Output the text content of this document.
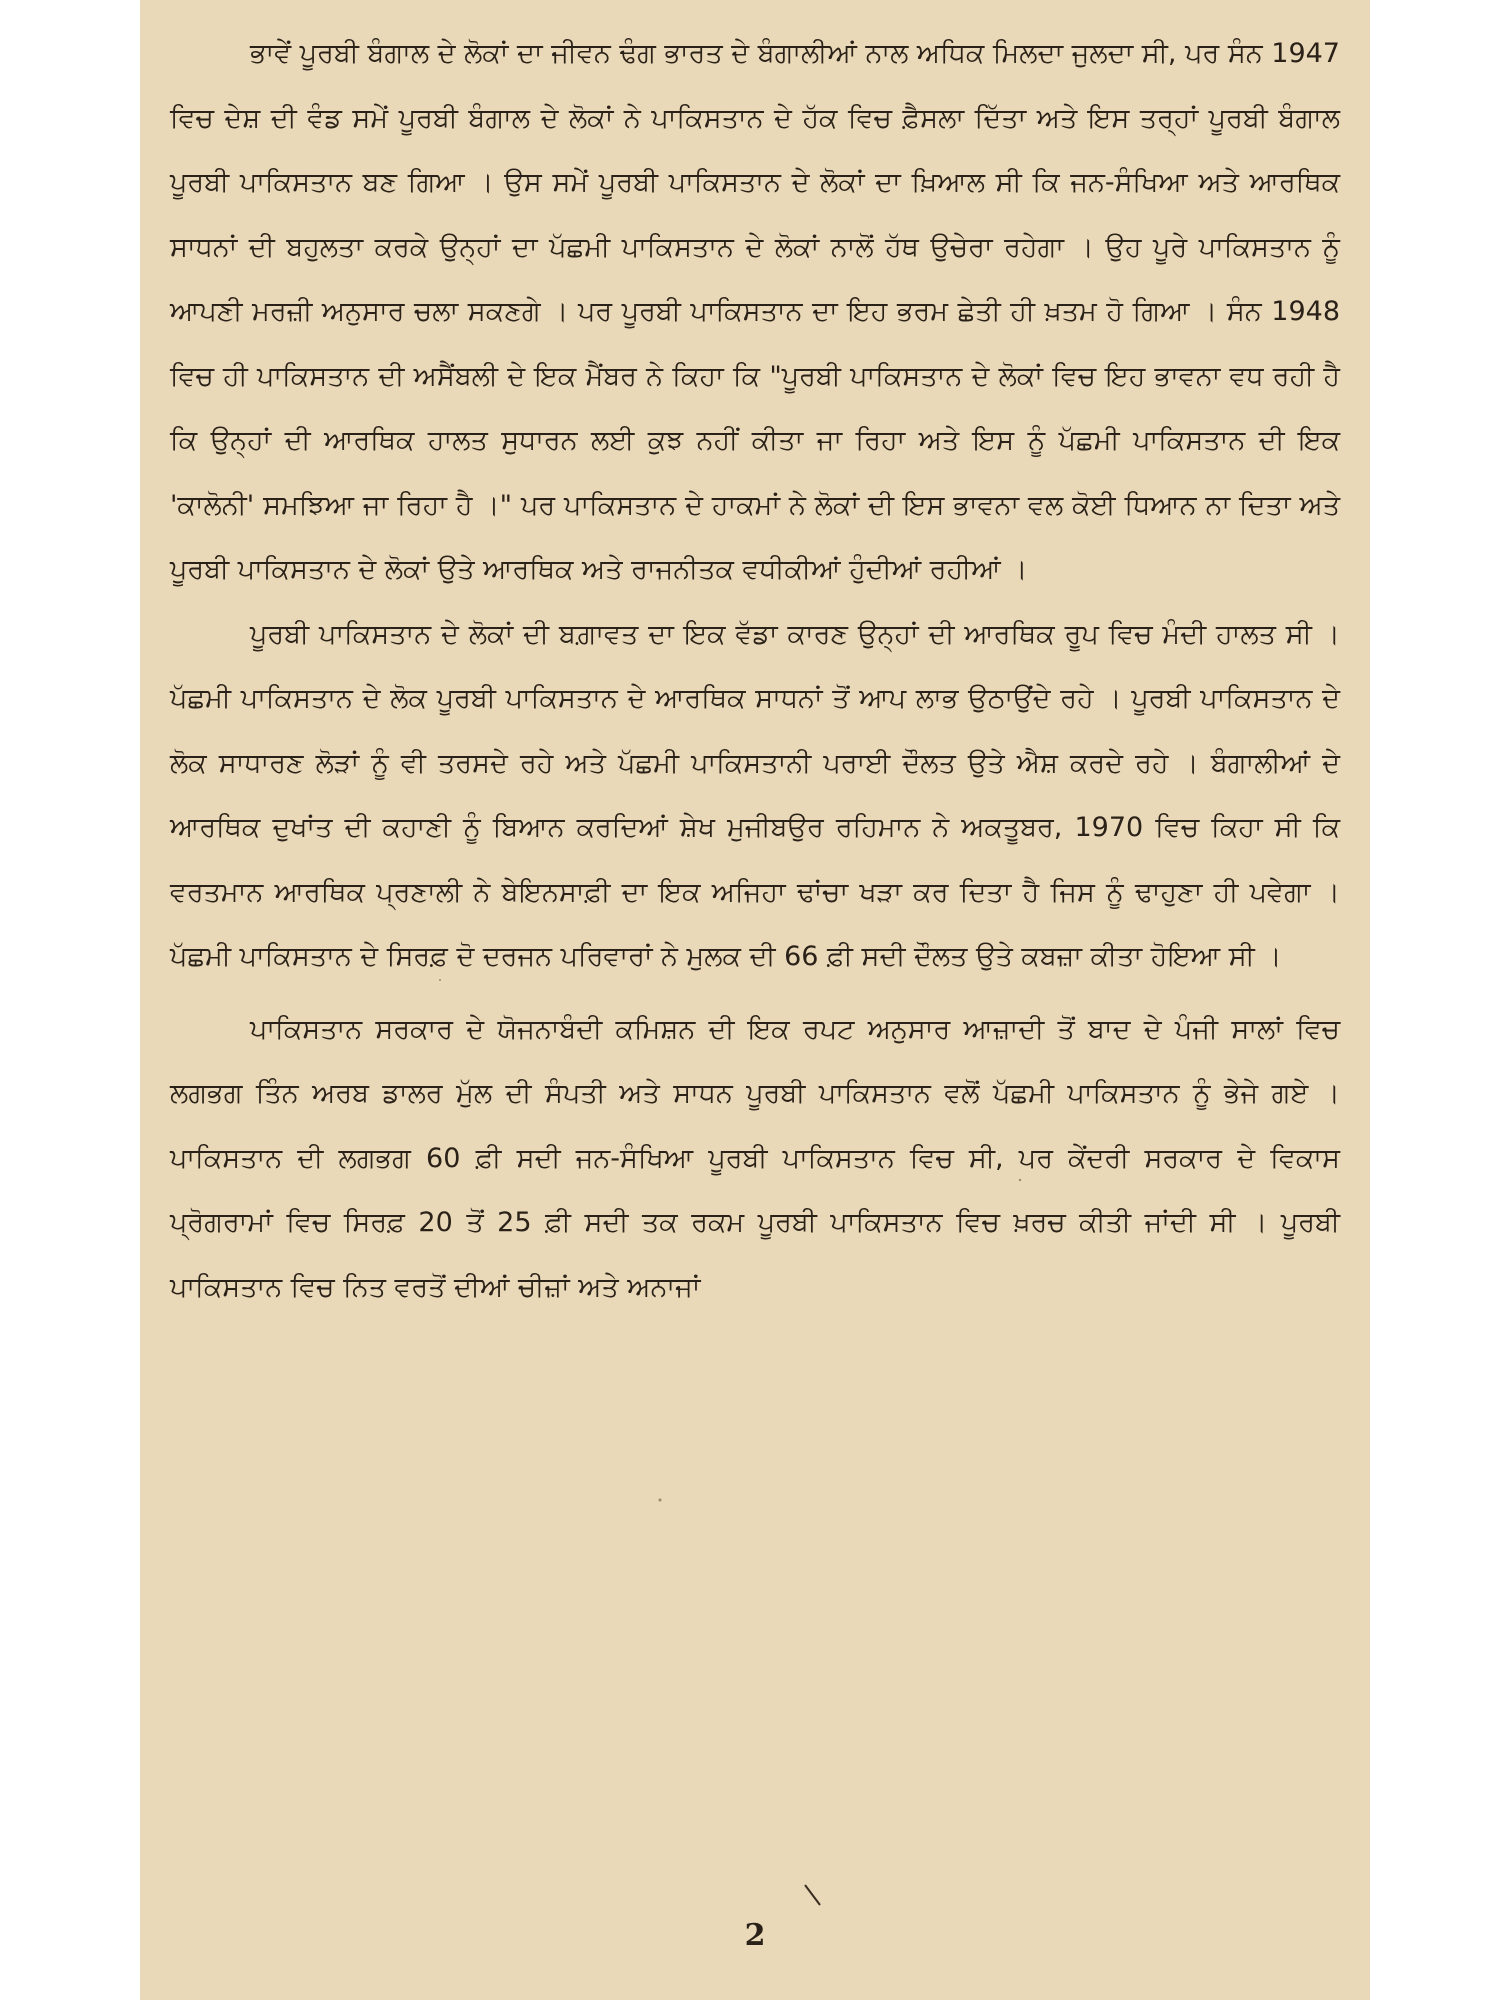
ਭਾਵੇਂ ਪੂਰਬੀ ਬੰਗਾਲ ਦੇ ਲੋਕਾਂ ਦਾ ਜੀਵਨ ਢੰਗ ਭਾਰਤ ਦੇ ਬੰਗਾਲੀਆਂ ਨਾਲ ਅਧਿਕ ਮਿਲਦਾ ਜੁਲਦਾ ਸੀ, ਪਰ ਸੰਨ 1947 ਵਿਚ ਦੇਸ਼ ਦੀ ਵੰਡ ਸਮੇਂ ਪੂਰਬੀ ਬੰਗਾਲ ਦੇ ਲੋਕਾਂ ਨੇ ਪਾਕਿਸਤਾਨ ਦੇ ਹੱਕ ਵਿਚ ਫ਼ੈਸਲਾ ਦਿੱਤਾ ਅਤੇ ਇਸ ਤਰ੍ਹਾਂ ਪੂਰਬੀ ਬੰਗਾਲ ਪੂਰਬੀ ਪਾਕਿਸਤਾਨ ਬਣ ਗਿਆ । ਉਸ ਸਮੇਂ ਪੂਰਬੀ ਪਾਕਿਸਤਾਨ ਦੇ ਲੋਕਾਂ ਦਾ ਖ਼ਿਆਲ ਸੀ ਕਿ ਜਨ-ਸੰਖਿਆ ਅਤੇ ਆਰਥਿਕ ਸਾਧਨਾਂ ਦੀ ਬਹੁਲਤਾ ਕਰਕੇ ਉਨ੍ਹਾਂ ਦਾ ਪੱਛਮੀ ਪਾਕਿਸਤਾਨ ਦੇ ਲੋਕਾਂ ਨਾਲੋਂ ਹੱਥ ਉਚੇਰਾ ਰਹੇਗਾ । ਉਹ ਪੂਰੇ ਪਾਕਿਸਤਾਨ ਨੂੰ ਆਪਣੀ ਮਰਜ਼ੀ ਅਨੁਸਾਰ ਚਲਾ ਸਕਣਗੇ । ਪਰ ਪੂਰਬੀ ਪਾਕਿਸਤਾਨ ਦਾ ਇਹ ਭਰਮ ਛੇਤੀ ਹੀ ਖ਼ਤਮ ਹੋ ਗਿਆ । ਸੰਨ 1948 ਵਿਚ ਹੀ ਪਾਕਿਸਤਾਨ ਦੀ ਅਸੈਂਬਲੀ ਦੇ ਇਕ ਮੈਂਬਰ ਨੇ ਕਿਹਾ ਕਿ "ਪੂਰਬੀ ਪਾਕਿਸਤਾਨ ਦੇ ਲੋਕਾਂ ਵਿਚ ਇਹ ਭਾਵਨਾ ਵਧ ਰਹੀ ਹੈ ਕਿ ਉਨ੍ਹਾਂ ਦੀ ਆਰਥਿਕ ਹਾਲਤ ਸੁਧਾਰਨ ਲਈ ਕੁਝ ਨਹੀਂ ਕੀਤਾ ਜਾ ਰਿਹਾ ਅਤੇ ਇਸ ਨੂੰ ਪੱਛਮੀ ਪਾਕਿਸਤਾਨ ਦੀ ਇਕ 'ਕਾਲੋਨੀ' ਸਮਝਿਆ ਜਾ ਰਿਹਾ ਹੈ ।" ਪਰ ਪਾਕਿਸਤਾਨ ਦੇ ਹਾਕਮਾਂ ਨੇ ਲੋਕਾਂ ਦੀ ਇਸ ਭਾਵਨਾ ਵਲ ਕੋਈ ਧਿਆਨ ਨਾ ਦਿਤਾ ਅਤੇ ਪੂਰਬੀ ਪਾਕਿਸਤਾਨ ਦੇ ਲੋਕਾਂ ਉਤੇ ਆਰਥਿਕ ਅਤੇ ਰਾਜਨੀਤਕ ਵਧੀਕੀਆਂ ਹੁੰਦੀਆਂ ਰਹੀਆਂ ।

ਪੂਰਬੀ ਪਾਕਿਸਤਾਨ ਦੇ ਲੋਕਾਂ ਦੀ ਬਗ਼ਾਵਤ ਦਾ ਇਕ ਵੱਡਾ ਕਾਰਣ ਉਨ੍ਹਾਂ ਦੀ ਆਰਥਿਕ ਰੂਪ ਵਿਚ ਮੰਦੀ ਹਾਲਤ ਸੀ । ਪੱਛਮੀ ਪਾਕਿਸਤਾਨ ਦੇ ਲੋਕ ਪੂਰਬੀ ਪਾਕਿਸਤਾਨ ਦੇ ਆਰਥਿਕ ਸਾਧਨਾਂ ਤੋਂ ਆਪ ਲਾਭ ਉਠਾਉਂਦੇ ਰਹੇ । ਪੂਰਬੀ ਪਾਕਿਸਤਾਨ ਦੇ ਲੋਕ ਸਾਧਾਰਣ ਲੋੜਾਂ ਨੂੰ ਵੀ ਤਰਸਦੇ ਰਹੇ ਅਤੇ ਪੱਛਮੀ ਪਾਕਿਸਤਾਨੀ ਪਰਾਈ ਦੌਲਤ ਉਤੇ ਐਸ਼ ਕਰਦੇ ਰਹੇ । ਬੰਗਾਲੀਆਂ ਦੇ ਆਰਥਿਕ ਦੁਖਾਂਤ ਦੀ ਕਹਾਣੀ ਨੂੰ ਬਿਆਨ ਕਰਦਿਆਂ ਸ਼ੇਖ ਮੁਜੀਬਉਰ ਰਹਿਮਾਨ ਨੇ ਅਕਤੂਬਰ, 1970 ਵਿਚ ਕਿਹਾ ਸੀ ਕਿ ਵਰਤਮਾਨ ਆਰਥਿਕ ਪ੍ਰਣਾਲੀ ਨੇ ਬੇਇਨਸਾਫ਼ੀ ਦਾ ਇਕ ਅਜਿਹਾ ਢਾਂਚਾ ਖੜਾ ਕਰ ਦਿਤਾ ਹੈ ਜਿਸ ਨੂੰ ਢਾਹੁਣਾ ਹੀ ਪਵੇਗਾ । ਪੱਛਮੀ ਪਾਕਿਸਤਾਨ ਦੇ ਸਿਰਫ਼ ਦੋ ਦਰਜਨ ਪਰਿਵਾਰਾਂ ਨੇ ਮੁਲਕ ਦੀ 66 ਫ਼ੀ ਸਦੀ ਦੌਲਤ ਉਤੇ ਕਬਜ਼ਾ ਕੀਤਾ ਹੋਇਆ ਸੀ ।

ਪਾਕਿਸਤਾਨ ਸਰਕਾਰ ਦੇ ਯੋਜਨਾਬੰਦੀ ਕਮਿਸ਼ਨ ਦੀ ਇਕ ਰਪਟ ਅਨੁਸਾਰ ਆਜ਼ਾਦੀ ਤੋਂ ਬਾਦ ਦੇ ਪੰਜੀ ਸਾਲਾਂ ਵਿਚ ਲਗਭਗ ਤਿੰਨ ਅਰਬ ਡਾਲਰ ਮੁੱਲ ਦੀ ਸੰਪਤੀ ਅਤੇ ਸਾਧਨ ਪੂਰਬੀ ਪਾਕਿਸਤਾਨ ਵਲੋਂ ਪੱਛਮੀ ਪਾਕਿਸਤਾਨ ਨੂੰ ਭੇਜੇ ਗਏ । ਪਾਕਿਸਤਾਨ ਦੀ ਲਗਭਗ 60 ਫ਼ੀ ਸਦੀ ਜਨ-ਸੰਖਿਆ ਪੂਰਬੀ ਪਾਕਿਸਤਾਨ ਵਿਚ ਸੀ, ਪਰ ਕੇਂਦਰੀ ਸਰਕਾਰ ਦੇ ਵਿਕਾਸ ਪ੍ਰੋਗਰਾਮਾਂ ਵਿਚ ਸਿਰਫ਼ 20 ਤੋਂ 25 ਫ਼ੀ ਸਦੀ ਤਕ ਰਕਮ ਪੂਰਬੀ ਪਾਕਿਸਤਾਨ ਵਿਚ ਖ਼ਰਚ ਕੀਤੀ ਜਾਂਦੀ ਸੀ । ਪੂਰਬੀ ਪਾਕਿਸਤਾਨ ਵਿਚ ਨਿਤ ਵਰਤੋਂ ਦੀਆਂ ਚੀਜ਼ਾਂ ਅਤੇ ਅਨਾਜਾਂ

2
